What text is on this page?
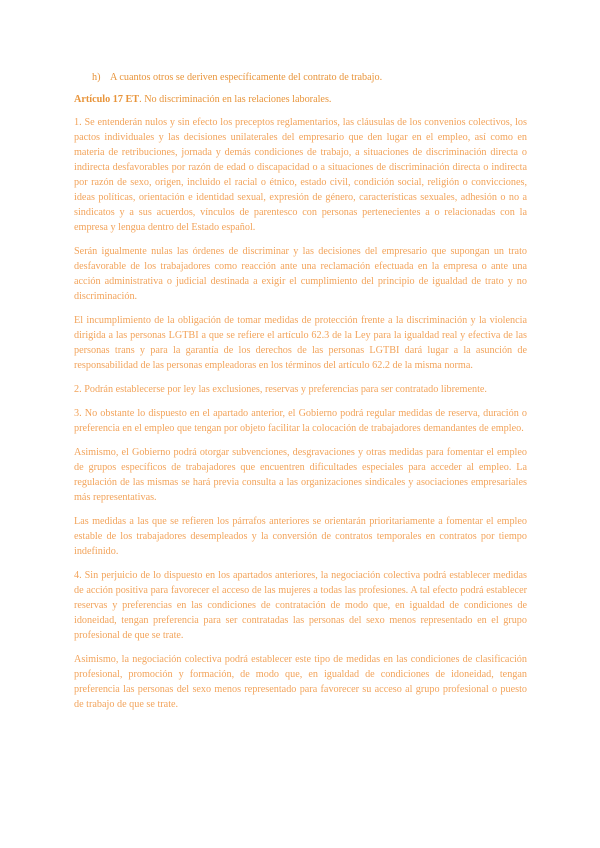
h) A cuantos otros se deriven específicamente del contrato de trabajo.
Artículo 17 ET. No discriminación en las relaciones laborales.

1. Se entenderán nulos y sin efecto los preceptos reglamentarios, las cláusulas de los convenios colectivos, los pactos individuales y las decisiones unilaterales del empresario que den lugar en el empleo, así como en materia de retribuciones, jornada y demás condiciones de trabajo, a situaciones de discriminación directa o indirecta desfavorables por razón de edad o discapacidad o a situaciones de discriminación directa o indirecta por razón de sexo, origen, incluido el racial o étnico, estado civil, condición social, religión o convicciones, ideas políticas, orientación e identidad sexual, expresión de género, características sexuales, adhesión o no a sindicatos y a sus acuerdos, vínculos de parentesco con personas pertenecientes a o relacionadas con la empresa y lengua dentro del Estado español.

Serán igualmente nulas las órdenes de discriminar y las decisiones del empresario que supongan un trato desfavorable de los trabajadores como reacción ante una reclamación efectuada en la empresa o ante una acción administrativa o judicial destinada a exigir el cumplimiento del principio de igualdad de trato y no discriminación.

El incumplimiento de la obligación de tomar medidas de protección frente a la discriminación y la violencia dirigida a las personas LGTBI a que se refiere el artículo 62.3 de la Ley para la igualdad real y efectiva de las personas trans y para la garantía de los derechos de las personas LGTBI dará lugar a la asunción de responsabilidad de las personas empleadoras en los términos del artículo 62.2 de la misma norma.

2. Podrán establecerse por ley las exclusiones, reservas y preferencias para ser contratado libremente.

3. No obstante lo dispuesto en el apartado anterior, el Gobierno podrá regular medidas de reserva, duración o preferencia en el empleo que tengan por objeto facilitar la colocación de trabajadores demandantes de empleo.

Asimismo, el Gobierno podrá otorgar subvenciones, desgravaciones y otras medidas para fomentar el empleo de grupos específicos de trabajadores que encuentren dificultades especiales para acceder al empleo. La regulación de las mismas se hará previa consulta a las organizaciones sindicales y asociaciones empresariales más representativas.

Las medidas a las que se refieren los párrafos anteriores se orientarán prioritariamente a fomentar el empleo estable de los trabajadores desempleados y la conversión de contratos temporales en contratos por tiempo indefinido.

4. Sin perjuicio de lo dispuesto en los apartados anteriores, la negociación colectiva podrá establecer medidas de acción positiva para favorecer el acceso de las mujeres a todas las profesiones. A tal efecto podrá establecer reservas y preferencias en las condiciones de contratación de modo que, en igualdad de condiciones de idoneidad, tengan preferencia para ser contratadas las personas del sexo menos representado en el grupo profesional de que se trate.

Asimismo, la negociación colectiva podrá establecer este tipo de medidas en las condiciones de clasificación profesional, promoción y formación, de modo que, en igualdad de condiciones de idoneidad, tengan preferencia las personas del sexo menos representado para favorecer su acceso al grupo profesional o puesto de trabajo de que se trate.
